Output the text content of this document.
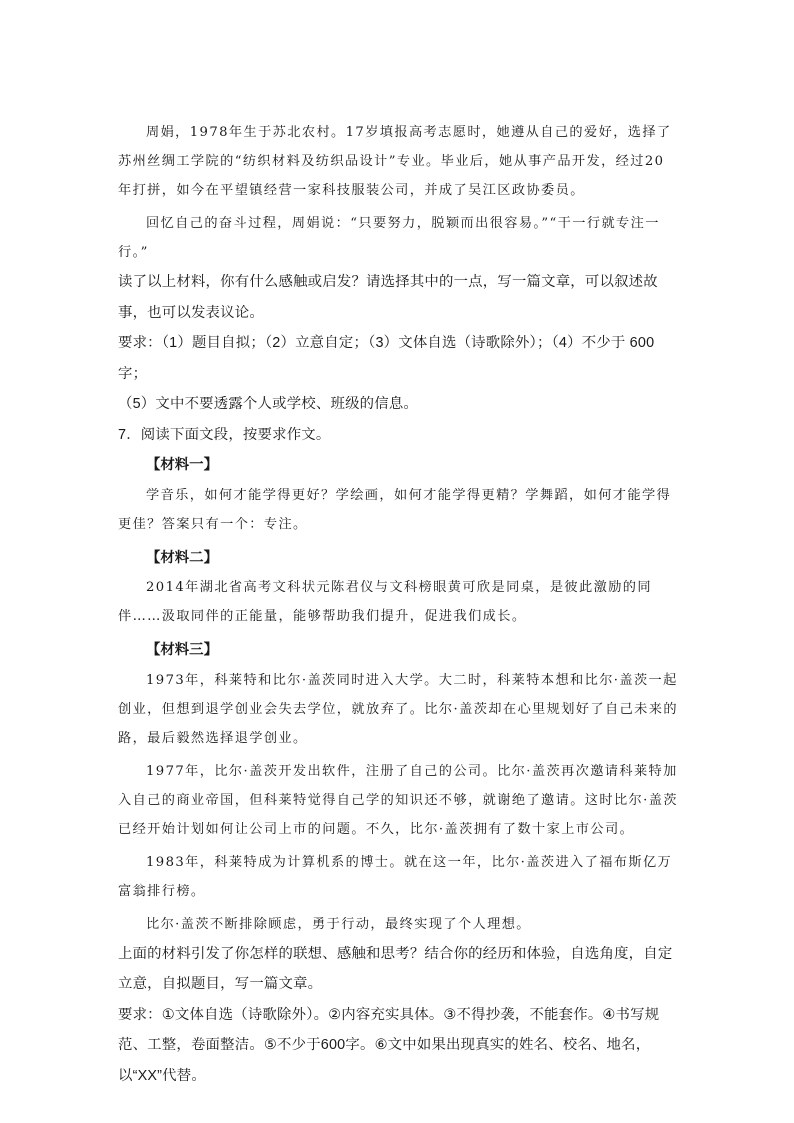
周娟，1978年生于苏北农村。17岁填报高考志愿时，她遵从自己的爱好，选择了苏州丝绸工学院的“纺织材料及纺织品设计”专业。毕业后，她从事产品开发，经过20年打拼，如今在平望镇经营一家科技服装公司，并成了吴江区政协委员。

回忆自己的奋斗过程，周娟说：“只要努力，脱颖而出很容易。”“干一行就专注一行。”

读了以上材料，你有什么感触或启发？请选择其中的一点，写一篇文章，可以叙述故事，也可以发表议论。

要求：（1）题目自拟；（2）立意自定；（3）文体自选（诗歌除外）；（4）不少于 600字；

（5）文中不要透露个人或学校、班级的信息。

7．阅读下面文段，按要求作文。

【材料一】

学音乐，如何才能学得更好？学绘画，如何才能学得更精？学舞蹈，如何才能学得更佳？答案只有一个：专注。

【材料二】

2014年湖北省高考文科状元陈君仪与文科榜眼黄可欣是同桌，是彼此激励的同伴……汲取同伴的正能量，能够帮助我们提升，促进我们成长。

【材料三】

1973年，科莱特和比尔·盖茨同时进入大学。大二时，科莱特本想和比尔·盖茨一起创业，但想到退学创业会失去学位，就放弃了。比尔·盖茨却在心里规划好了自己未来的路，最后毅然选择退学创业。

1977年，比尔·盖茨开发出软件，注册了自己的公司。比尔·盖茨再次邀请科莱特加入自己的商业帝国，但科莱特觉得自己学的知识还不够，就谢绝了邀请。这时比尔·盖茨已经开始计划如何让公司上市的问题。不久，比尔·盖茨拥有了数十家上市公司。

1983年，科莱特成为计算机系的博士。就在这一年，比尔·盖茨进入了福布斯亿万富翁排行榜。

比尔·盖茨不断排除顾虑，勇于行动，最终实现了个人理想。

上面的材料引发了你怎样的联想、感触和思考？结合你的经历和体验，自选角度，自定立意，自拟题目，写一篇文章。

要求：①文体自选（诗歌除外）。②内容充实具体。③不得抄袭，不能套作。④书写规范、工整，卷面整洁。⑤不少于600字。⑥文中如果出现真实的姓名、校名、地名，以“XX”代替。
